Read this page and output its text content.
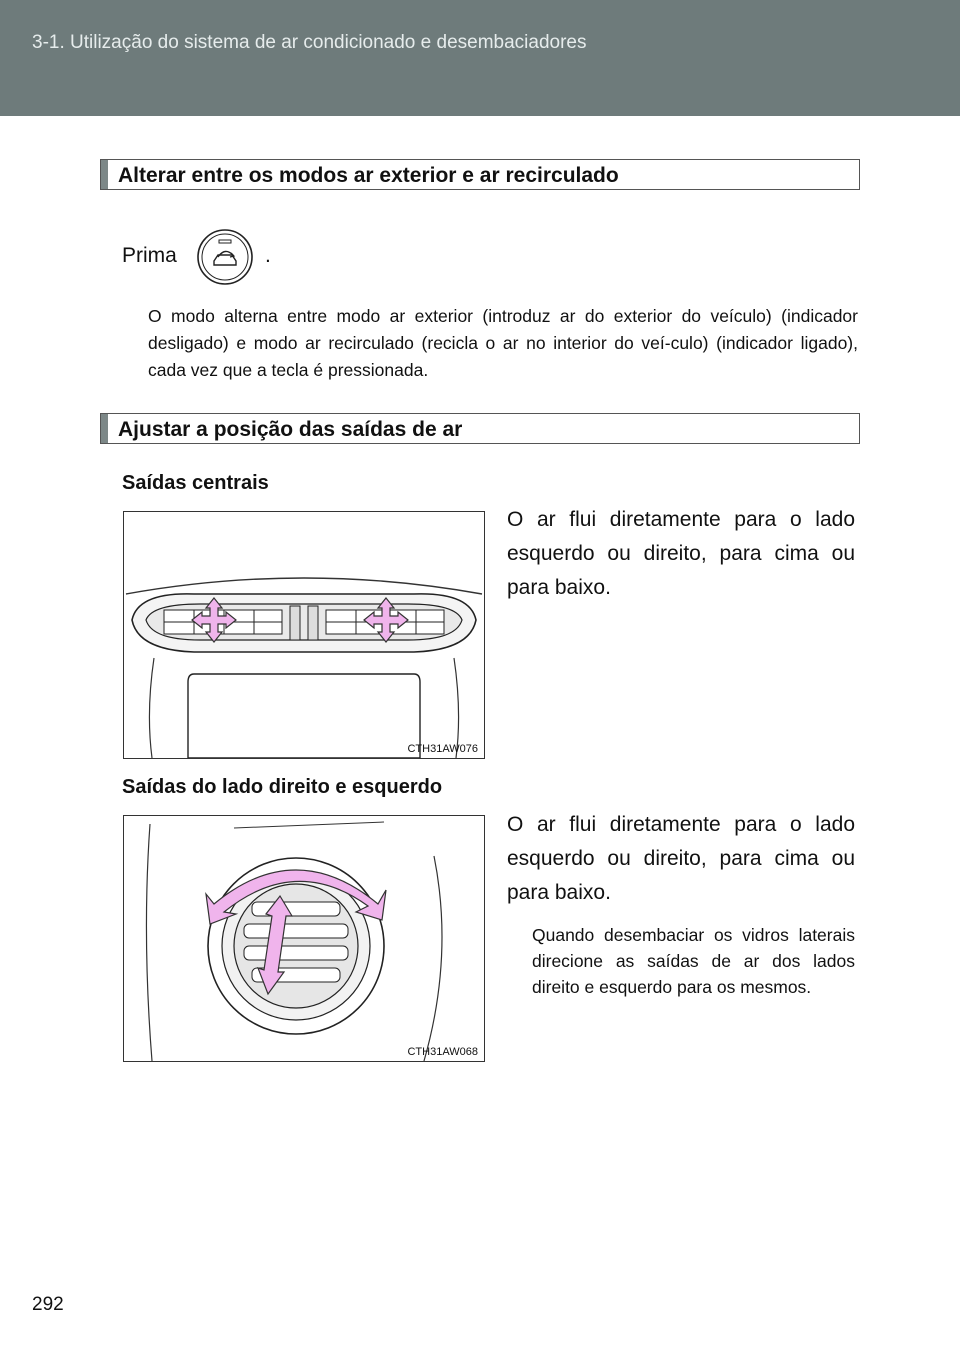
3-1. Utilização do sistema de ar condicionado e desembaciadores
Alterar entre os modos ar exterior e ar recirculado
Prima	.
O modo alterna entre modo ar exterior (introduz ar do exterior do veículo) (indicador desligado) e modo ar recirculado (recicla o ar no interior do veí-culo) (indicador ligado), cada vez que a tecla é pressionada.
Ajustar a posição das saídas de ar
Saídas centrais
CTH31AW076
O ar flui diretamente para o lado esquerdo ou direito, para cima ou para baixo.
Saídas do lado direito e esquerdo
CTH31AW068
O ar flui diretamente para o lado esquerdo ou direito, para cima ou para baixo.
Quando desembaciar os vidros laterais direcione as saídas de ar dos lados direito e esquerdo para os mesmos.
292
